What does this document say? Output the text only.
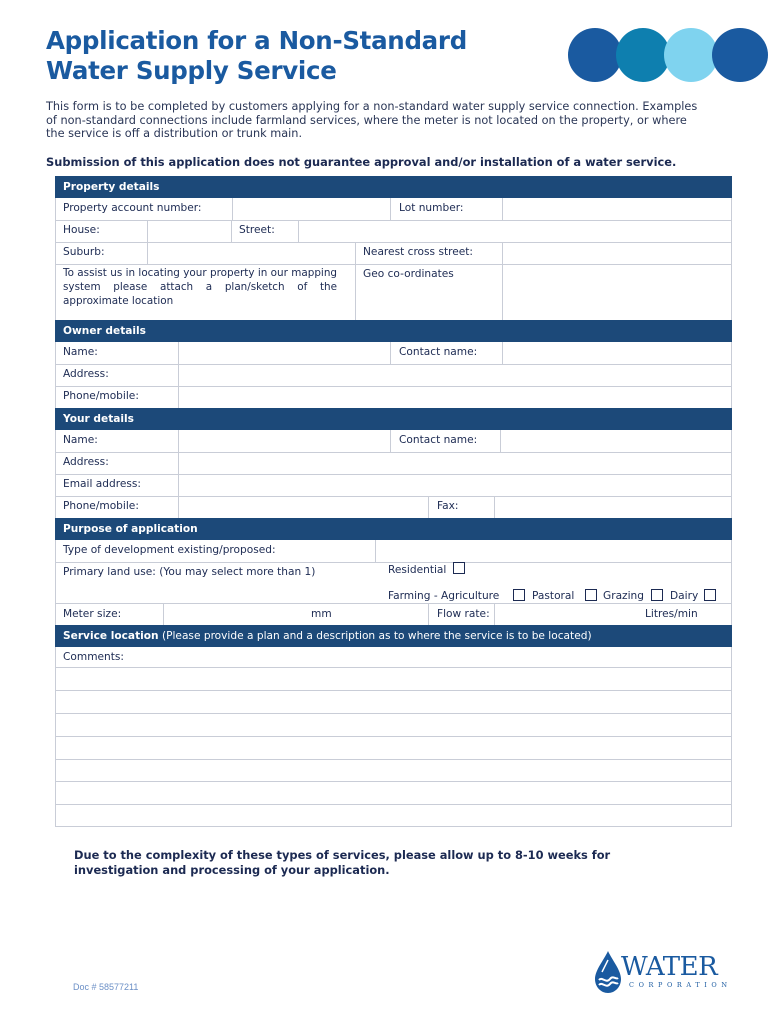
Application for a Non-Standard
Water Supply Service
This form is to be completed by customers applying for a non-standard water supply service connection. Examples of non-standard connections include farmland services, where the meter is not located on the property, or where the service is off a distribution or trunk main.
Submission of this application does not guarantee approval and/or installation of a water service.
Property details
Property account number:	Lot number:
House:	Street:
Suburb:	Nearest cross street:
To assist us in locating your property in our mapping system please attach a plan/sketch of the approximate location
Geo co-ordinates
Owner details
Name:	Contact name:
Address:
Phone/mobile:
Your details
Name:	Contact name:
Address:
Email address:
Phone/mobile:	Fax:
Purpose of application
Type of development existing/proposed:
Primary land use: (You may select more than 1)	Residential
Farming - Agriculture	Pastoral	Grazing Dairy
Meter size:	mm	Flow rate:	Litres/min
Service location (Please provide a plan and a description as to where the service is to be located)
Comments:
Due to the complexity of these types of services, please allow up to 8-10 weeks for investigation and processing of your application.
Doc # 58577211
WATER
CORPORATION
